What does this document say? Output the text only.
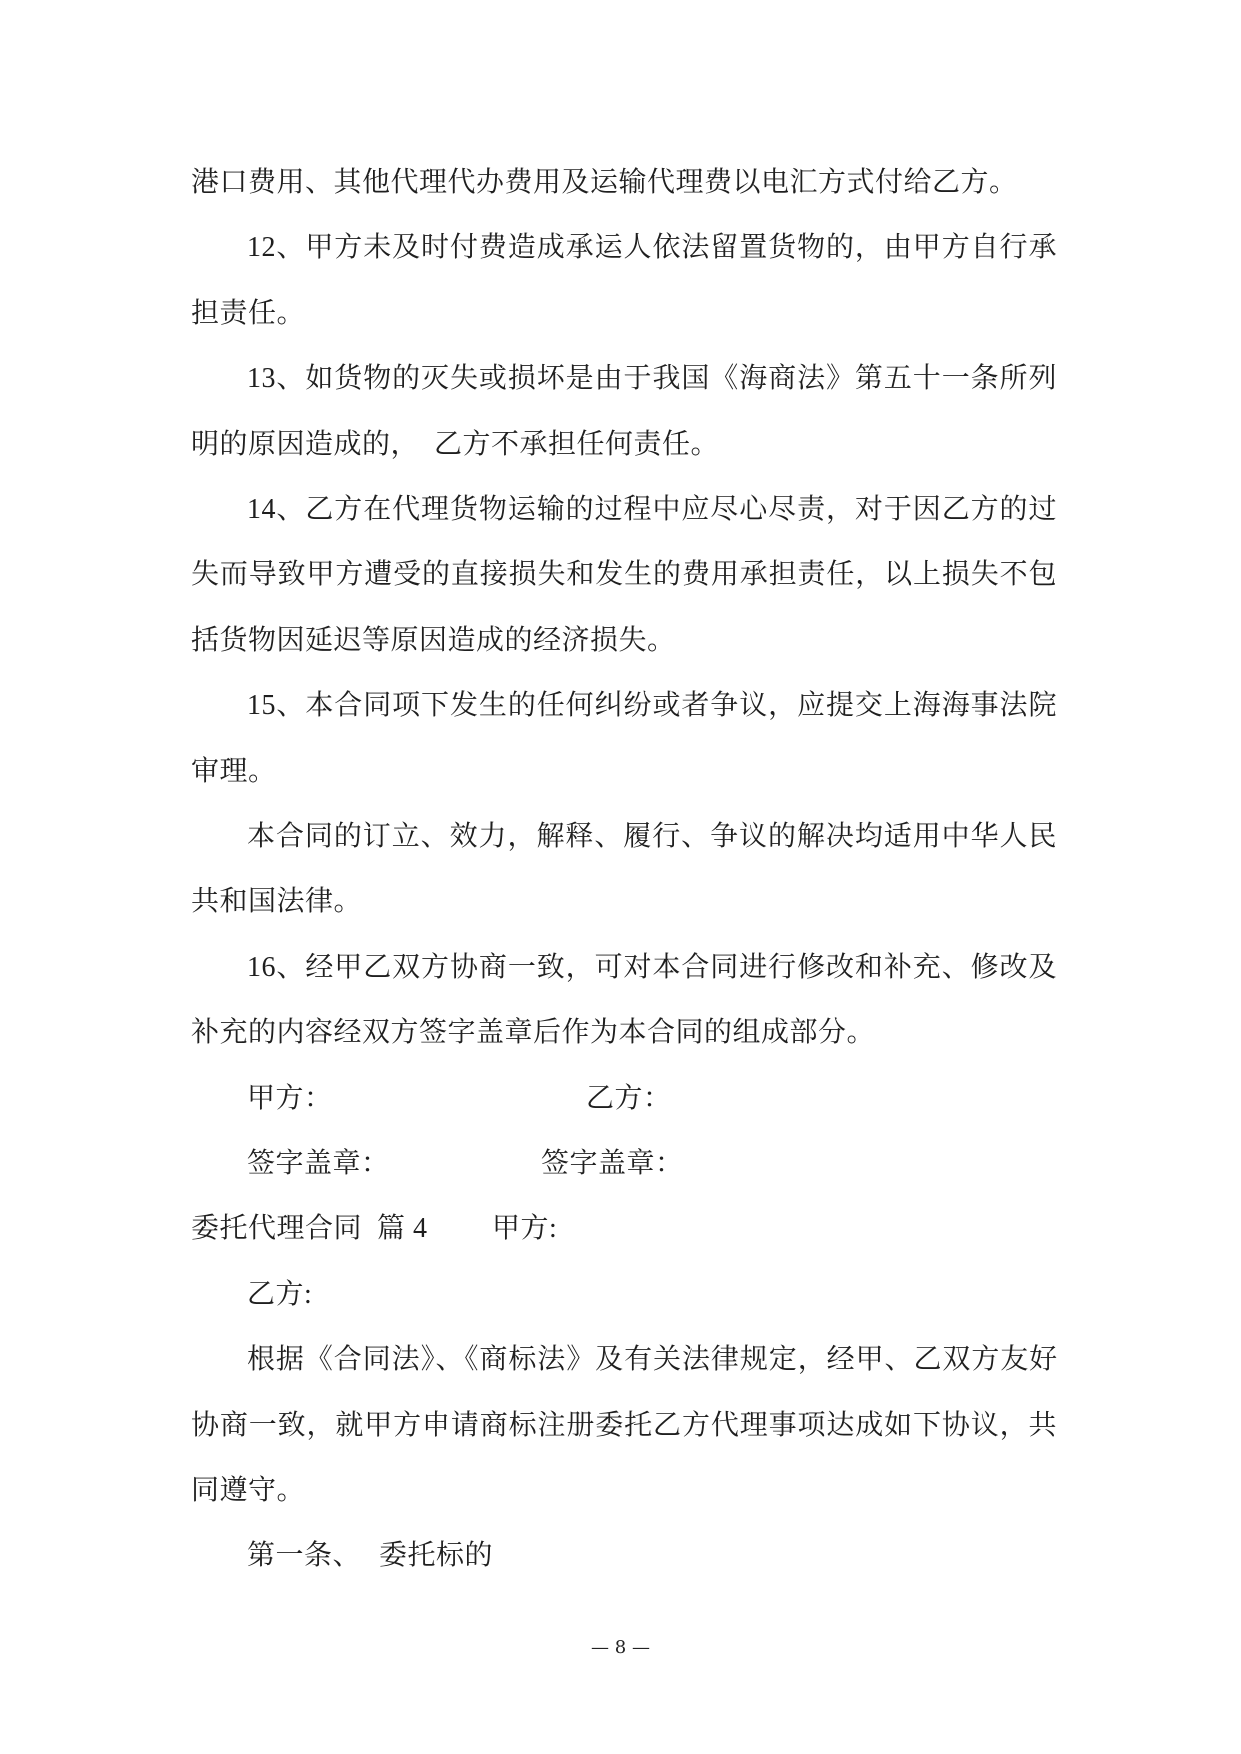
港口费用、其他代理代办费用及运输代理费以电汇方式付给乙方。
12、甲方未及时付费造成承运人依法留置货物的，由甲方自行承
担责任。
13、如货物的灭失或损坏是由于我国《海商法》第五十一条所列
明的原因造成的，  乙方不承担任何责任。
14、乙方在代理货物运输的过程中应尽心尽责，对于因乙方的过
失而导致甲方遭受的直接损失和发生的费用承担责任，以上损失不包
括货物因延迟等原因造成的经济损失。
15、本合同项下发生的任何纠纷或者争议，应提交上海海事法院
审理。
本合同的订立、效力，解释、履行、争议的解决均适用中华人民
共和国法律。
16、经甲乙双方协商一致，可对本合同进行修改和补充、修改及
补充的内容经双方签字盖章后作为本合同的组成部分。
甲方：	乙方：
签字盖章：	签字盖章：
委托代理合同  篇 4 甲方:
乙方:
根据《合同法》、《商标法》及有关法律规定，经甲、乙双方友好
协商一致，就甲方申请商标注册委托乙方代理事项达成如下协议，共
同遵守。
第一条、 委托标的
— 8 —
